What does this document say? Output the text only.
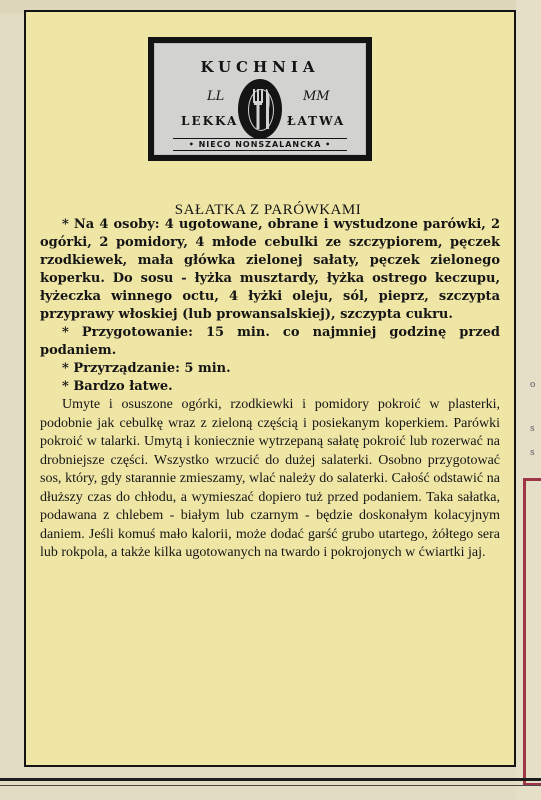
o
s
s
KUCHNIA
LL	MM
LEKKA	ŁATWA
• NIECO NONSZALANCKA •
SAŁATKA Z PARÓWKAMI

* Na 4 osoby: 4 ugotowane, obrane i wystudzone parówki, 2 ogórki, 2 pomidory, 4 młode cebulki ze szczypiorem, pęczek rzodkiewek, mała główka zielonej sałaty, pęczek zielonego koperku. Do sosu - łyżka musztardy, łyżka ostrego keczupu, łyżeczka winnego octu, 4 łyżki oleju, sól, pieprz, szczypta przyprawy włoskiej (lub prowansalskiej), szczypta cukru.

* Przygotowanie: 15 min. co najmniej godzinę przed podaniem.

* Przyrządzanie: 5 min.

* Bardzo łatwe.

Umyte i osuszone ogórki, rzodkiewki i pomidory pokroić w plasterki, podobnie jak cebulkę wraz z zieloną częścią i posiekanym koperkiem. Parówki pokroić w talarki. Umytą i koniecznie wytrzepaną sałatę pokroić lub rozerwać na drobniejsze części. Wszystko wrzucić do dużej salaterki. Osobno przygotować sos, który, gdy starannie zmieszamy, wlać należy do salaterki. Całość odstawić na dłuższy czas do chłodu, a wymieszać dopiero tuż przed podaniem. Taka sałatka, podawana z chlebem - białym lub czarnym - będzie doskonałym kolacyjnym daniem. Jeśli komuś mało kalorii, może dodać garść grubo utartego, żółtego sera lub rokpola, a także kilka ugotowanych na twardo i pokrojonych w ćwiartki jaj.
